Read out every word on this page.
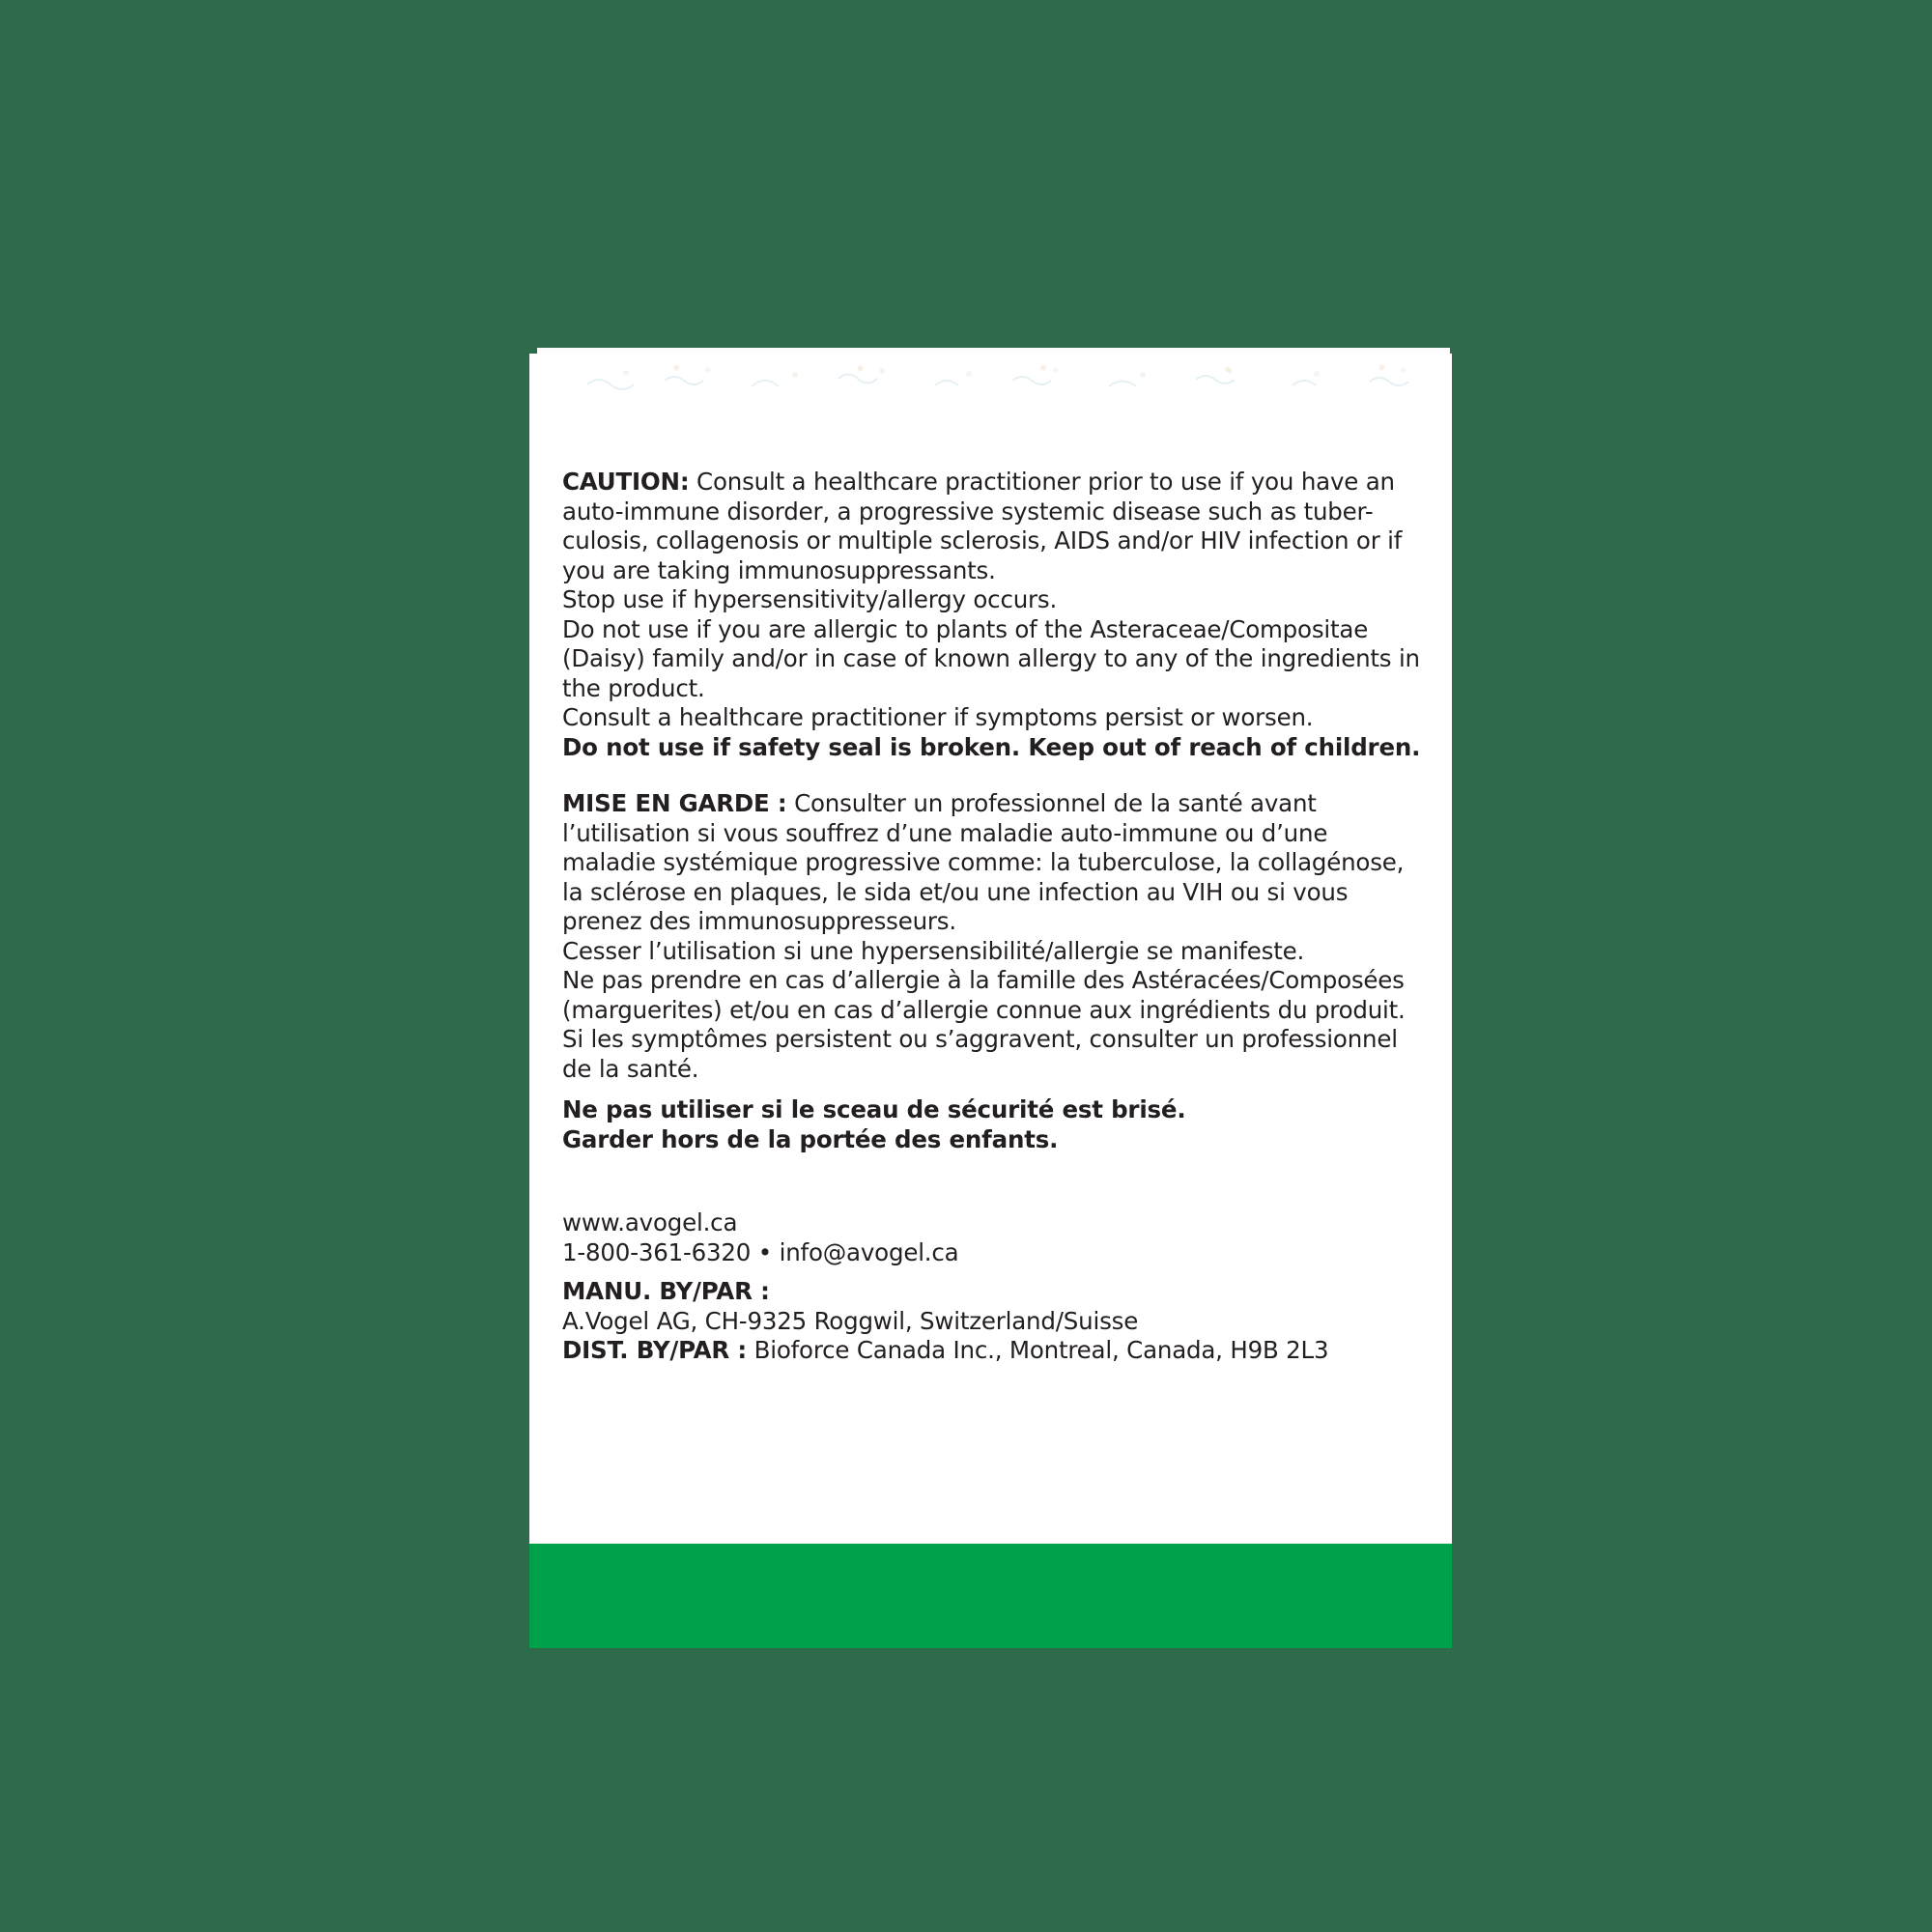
CAUTION: Consult a healthcare practitioner prior to use if you have an auto-immune disorder, a progressive systemic disease such as tuber-culosis, collagenosis or multiple sclerosis, AIDS and/or HIV infection or if you are taking immunosuppressants.

Stop use if hypersensitivity/allergy occurs.

Do not use if you are allergic to plants of the Asteraceae/Compositae (Daisy) family and/or in case of known allergy to any of the ingredients in the product.

Consult a healthcare practitioner if symptoms persist or worsen.

Do not use if safety seal is broken. Keep out of reach of children.

MISE EN GARDE : Consulter un professionnel de la santé avant l’utilisation si vous souffrez d’une maladie auto-immune ou d’une maladie systémique progressive comme: la tuberculose, la collagénose, la sclérose en plaques, le sida et/ou une infection au VIH ou si vous prenez des immunosuppresseurs.

Cesser l’utilisation si une hypersensibilité/allergie se manifeste.

Ne pas prendre en cas d’allergie à la famille des Astéracées/Composées (marguerites) et/ou en cas d’allergie connue aux ingrédients du produit.

Si les symptômes persistent ou s’aggravent, consulter un professionnel de la santé.

Ne pas utiliser si le sceau de sécurité est brisé.

Garder hors de la portée des enfants.

www.avogel.ca
1-800-361-6320 • info@avogel.ca
MANU. BY/PAR :
A.Vogel AG, CH-9325 Roggwil, Switzerland/Suisse
DIST. BY/PAR : Bioforce Canada Inc., Montreal, Canada, H9B 2L3
